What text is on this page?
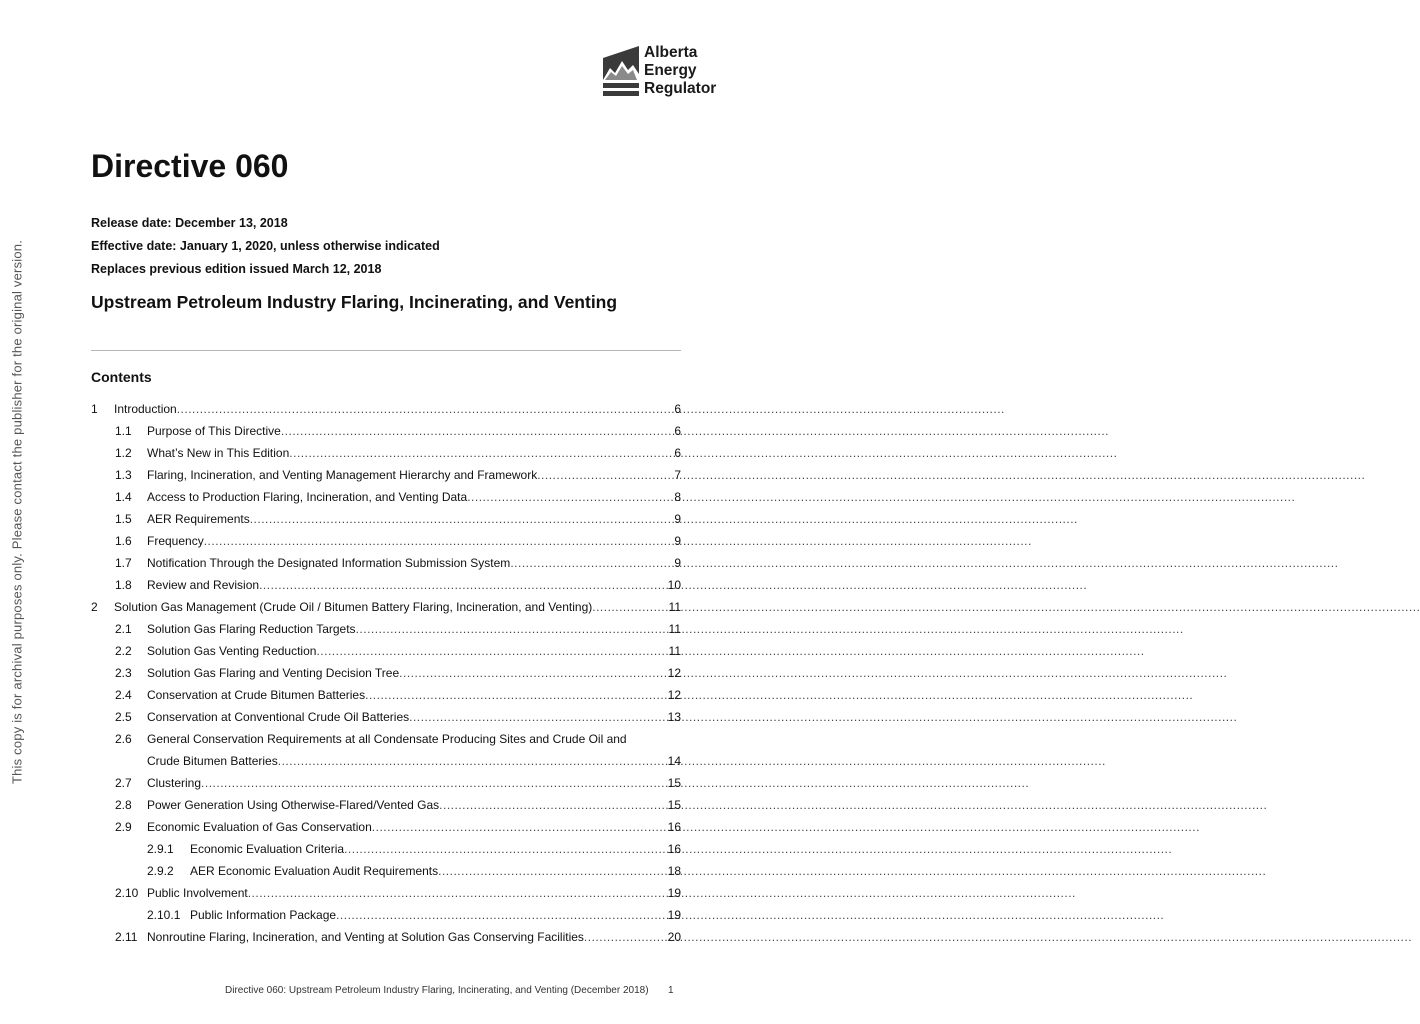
This copy is for archival purposes only. Please contact the publisher for the original version.
Alberta
Energy
Regulator
Directive 060
Release date: December 13, 2018
Effective date: January 1, 2020, unless otherwise indicated
Replaces previous edition issued March 12, 2018
Upstream Petroleum Industry Flaring, Incinerating, and Venting
Contents
1 Introduction .....	6
1.1 Purpose of This Directive .....	6
1.2 What’s New in This Edition .....	6
1.3 Flaring, Incineration, and Venting Management Hierarchy and Framework .....	7
1.4 Access to Production Flaring, Incineration, and Venting Data .....	8
1.5 AER Requirements .....	9
1.6 Frequency .....	9
1.7 Notification Through the Designated Information Submission System .....	9
1.8 Review and Revision .....	10
2 Solution Gas Management (Crude Oil / Bitumen Battery Flaring, Incineration, and Venting) .....	11
2.1 Solution Gas Flaring Reduction Targets .....	11
2.2 Solution Gas Venting Reduction .....	11
2.3 Solution Gas Flaring and Venting Decision Tree .....	12
2.4 Conservation at Crude Bitumen Batteries .....	12
2.5 Conservation at Conventional Crude Oil Batteries .....	13
2.6 General Conservation Requirements at all Condensate Producing Sites and Crude Oil and
Crude Bitumen Batteries .....	14
2.7 Clustering .....	15
2.8 Power Generation Using Otherwise-Flared/Vented Gas .....	15
2.9 Economic Evaluation of Gas Conservation .....	16
2.9.1 Economic Evaluation Criteria .....	16
2.9.2 AER Economic Evaluation Audit Requirements .....	18
2.10 Public Involvement .....	19
2.10.1 Public Information Package .....	19
2.11 Nonroutine Flaring, Incineration, and Venting at Solution Gas Conserving Facilities .....	20
Directive 060: Upstream Petroleum Industry Flaring, Incinerating, and Venting (December 2018) 1
